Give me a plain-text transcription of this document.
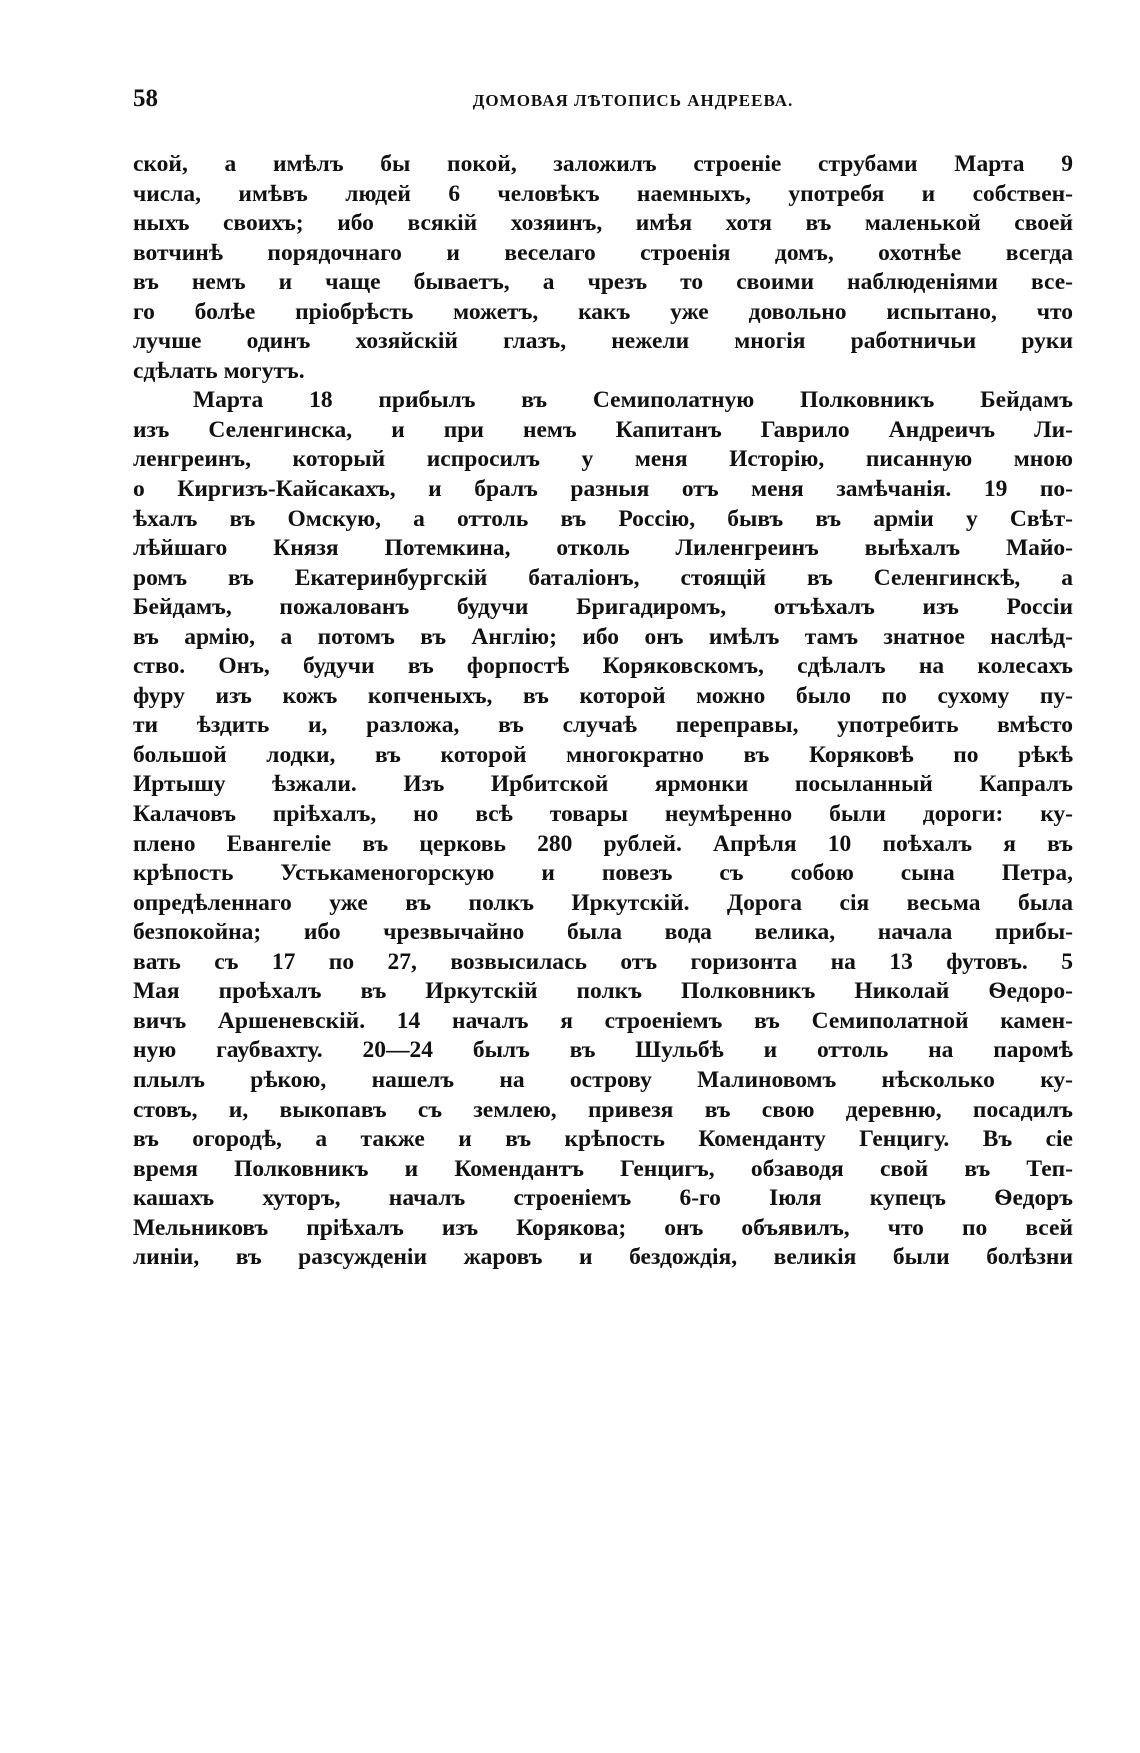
58	ДОМОВАЯ ЛѢТОПИСЬ АНДРЕЕВА.
ской, а имѣлъ бы покой, заложилъ строеніе струбами Марта 9
числа, имѣвъ людей 6 человѣкъ наемныхъ, употребя и собствен-
ныхъ своихъ; ибо всякій хозяинъ, имѣя хотя въ маленькой своей
вотчинѣ порядочнаго и веселаго строенія домъ, охотнѣе всегда
въ немъ и чаще бываетъ, а чрезъ то своими наблюденіями все-
го болѣе пріобрѣсть можетъ, какъ уже довольно испытано, что
лучше одинъ хозяйскій глазъ, нежели многія работничьи руки
сдѣлать могутъ.
Марта 18 прибылъ въ Семиполатную Полковникъ Бейдамъ
изъ Селенгинска, и при немъ Капитанъ Гаврило Андреичъ Ли-
ленгреинъ, который испросилъ у меня Исторію, писанную мною
о Киргизъ-Кайсакахъ, и бралъ разныя отъ меня замѣчанія. 19 по-
ѣхалъ въ Омскую, а оттоль въ Россію, бывъ въ арміи у Свѣт-
лѣйшаго Князя Потемкина, отколь Лиленгреинъ выѣхалъ Майо-
ромъ въ Екатеринбургскій баталіонъ, стоящій въ Селенгинскѣ, а
Бейдамъ, пожалованъ будучи Бригадиромъ, отъѣхалъ изъ Россіи
въ армію, а потомъ въ Англію; ибо онъ имѣлъ тамъ знатное наслѣд-
ство. Онъ, будучи въ форпостѣ Коряковскомъ, сдѣлалъ на колесахъ
фуру изъ кожъ копченыхъ, въ которой можно было по сухому пу-
ти ѣздить и, разложа, въ случаѣ переправы, употребить вмѣсто
большой лодки, въ которой многократно въ Коряковѣ по рѣкѣ
Иртышу ѣзжали. Изъ Ирбитской ярмонки посыланный Капралъ
Калачовъ пріѣхалъ, но всѣ товары неумѣренно были дороги: ку-
плено Евангеліе въ церковь 280 рублей. Апрѣля 10 поѣхалъ я въ
крѣпость Устькаменогорскую и повезъ съ собою сына Петра,
опредѣленнаго уже въ полкъ Иркутскій. Дорога сія весьма была
безпокойна; ибо чрезвычайно была вода велика, начала прибы-
вать съ 17 по 27, возвысилась отъ горизонта на 13 футовъ. 5
Мая проѣхалъ въ Иркутскій полкъ Полковникъ Николай Ѳедоро-
вичъ Аршеневскій. 14 началъ я строеніемъ въ Семиполатной камен-
ную гаубвахту. 20—24 былъ въ Шульбѣ и оттоль на паромѣ
плылъ рѣкою, нашелъ на острову Малиновомъ нѣсколько ку-
стовъ, и, выкопавъ съ землею, привезя въ свою деревню, посадилъ
въ огородѣ, а также и въ крѣпость Коменданту Генцигу. Въ сіе
время Полковникъ и Комендантъ Генцигъ, обзаводя свой въ Теп-
кашахъ хуторъ, началъ строеніемъ 6-го Іюля купецъ Ѳедоръ
Мельниковъ пріѣхалъ изъ Корякова; онъ объявилъ, что по всей
линіи, въ разсужденіи жаровъ и бездождія, великія были болѣзни
